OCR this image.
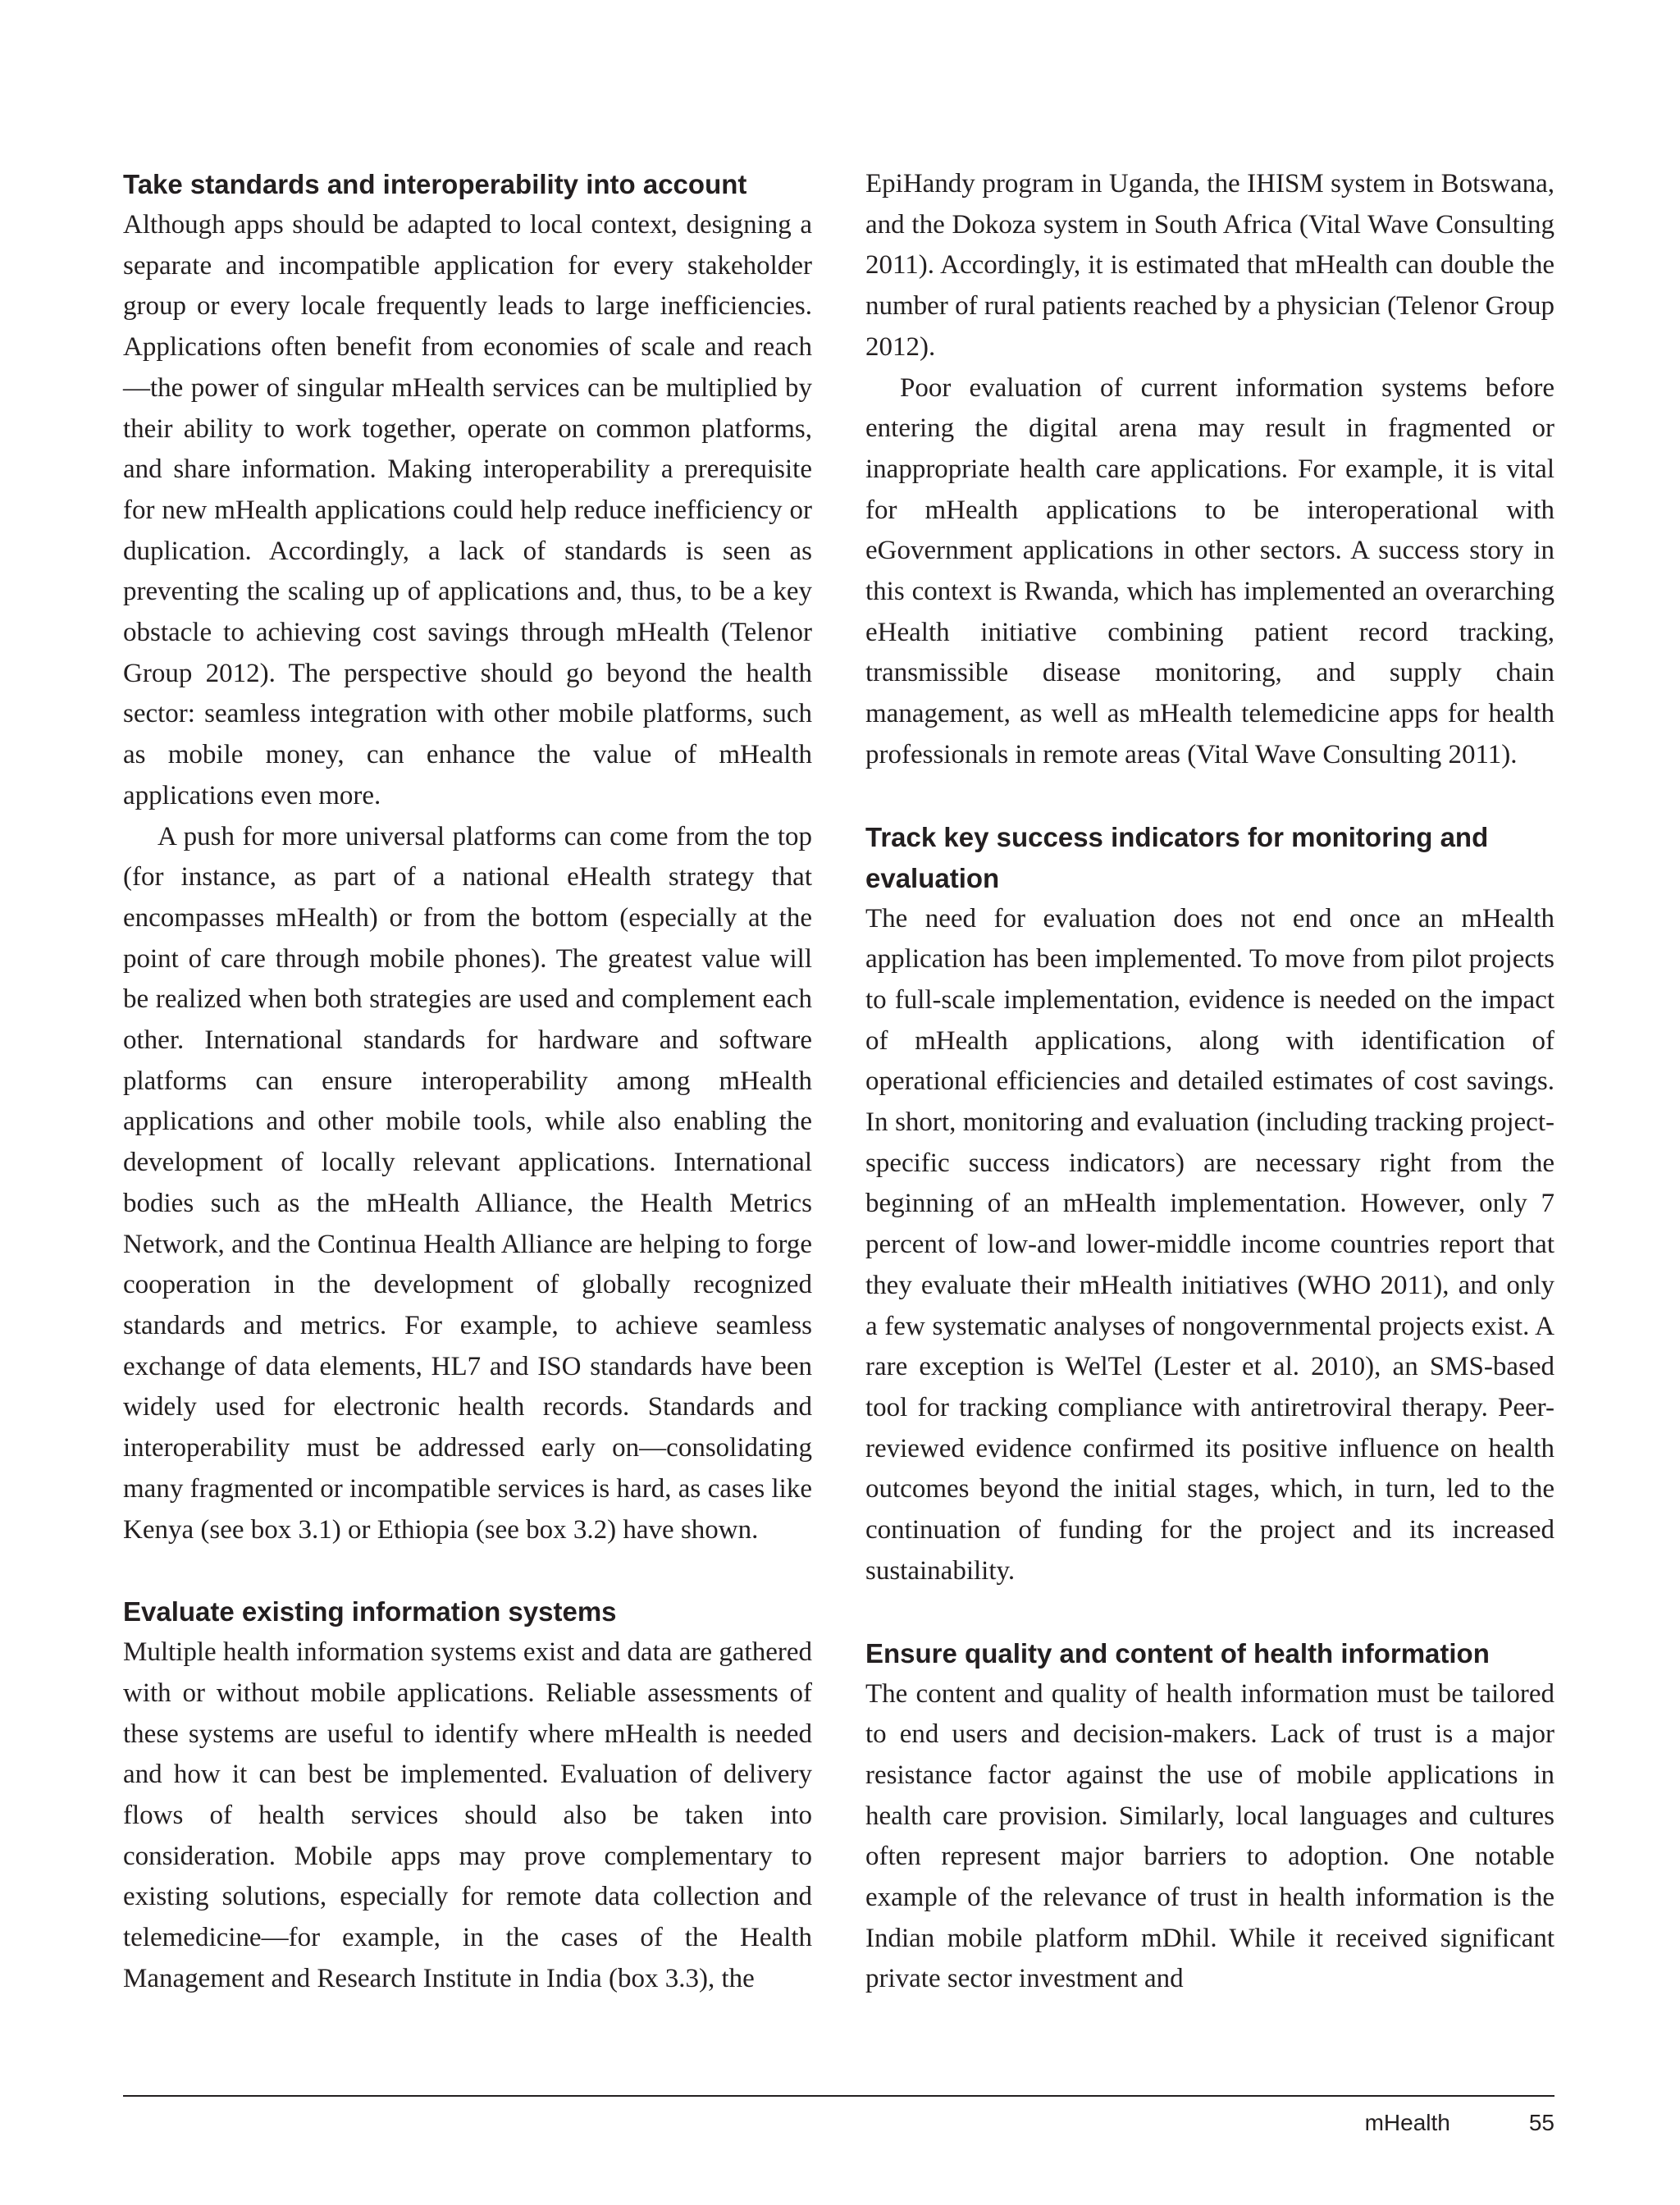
Take standards and interoperability into account

Although apps should be adapted to local context, designing a separate and incompatible application for every stakeholder group or every locale frequently leads to large inefficiencies. Applications often benefit from economies of scale and reach—the power of singular mHealth services can be multiplied by their ability to work together, operate on common platforms, and share information. Making interoperability a prerequisite for new mHealth applications could help reduce inefficiency or duplication. Accordingly, a lack of standards is seen as preventing the scaling up of applications and, thus, to be a key obstacle to achieving cost savings through mHealth (Telenor Group 2012). The perspective should go beyond the health sector: seamless integration with other mobile platforms, such as mobile money, can enhance the value of mHealth applications even more.

A push for more universal platforms can come from the top (for instance, as part of a national eHealth strategy that encompasses mHealth) or from the bottom (especially at the point of care through mobile phones). The greatest value will be realized when both strategies are used and complement each other. International standards for hardware and software platforms can ensure interoperability among mHealth applications and other mobile tools, while also enabling the development of locally relevant applications. International bodies such as the mHealth Alliance, the Health Metrics Network, and the Continua Health Alliance are helping to forge cooperation in the development of globally recognized standards and metrics. For example, to achieve seamless exchange of data elements, HL7 and ISO standards have been widely used for electronic health records. Standards and interoperability must be addressed early on—consolidating many fragmented or incompatible services is hard, as cases like Kenya (see box 3.1) or Ethiopia (see box 3.2) have shown.

Evaluate existing information systems

Multiple health information systems exist and data are gathered with or without mobile applications. Reliable assessments of these systems are useful to identify where mHealth is needed and how it can best be implemented. Evaluation of delivery flows of health services should also be taken into consideration. Mobile apps may prove complementary to existing solutions, especially for remote data collection and telemedicine—for example, in the cases of the Health Management and Research Institute in India (box 3.3), the

EpiHandy program in Uganda, the IHISM system in Botswana, and the Dokoza system in South Africa (Vital Wave Consulting 2011). Accordingly, it is estimated that mHealth can double the number of rural patients reached by a physician (Telenor Group 2012).

Poor evaluation of current information systems before entering the digital arena may result in fragmented or inappropriate health care applications. For example, it is vital for mHealth applications to be interoperational with eGovernment applications in other sectors. A success story in this context is Rwanda, which has implemented an overarching eHealth initiative combining patient record tracking, transmissible disease monitoring, and supply chain management, as well as mHealth telemedicine apps for health professionals in remote areas (Vital Wave Consulting 2011).

Track key success indicators for monitoring and evaluation

The need for evaluation does not end once an mHealth application has been implemented. To move from pilot projects to full-scale implementation, evidence is needed on the impact of mHealth applications, along with identification of operational efficiencies and detailed estimates of cost savings. In short, monitoring and evaluation (including tracking project-specific success indicators) are necessary right from the beginning of an mHealth implementation. However, only 7 percent of low-and lower-middle income countries report that they evaluate their mHealth initiatives (WHO 2011), and only a few systematic analyses of nongovernmental projects exist. A rare exception is WelTel (Lester et al. 2010), an SMS-based tool for tracking compliance with antiretroviral therapy. Peer-reviewed evidence confirmed its positive influence on health outcomes beyond the initial stages, which, in turn, led to the continuation of funding for the project and its increased sustainability.

Ensure quality and content of health information

The content and quality of health information must be tailored to end users and decision-makers. Lack of trust is a major resistance factor against the use of mobile applications in health care provision. Similarly, local languages and cultures often represent major barriers to adoption. One notable example of the relevance of trust in health information is the Indian mobile platform mDhil. While it received significant private sector investment and

mHealth	55
